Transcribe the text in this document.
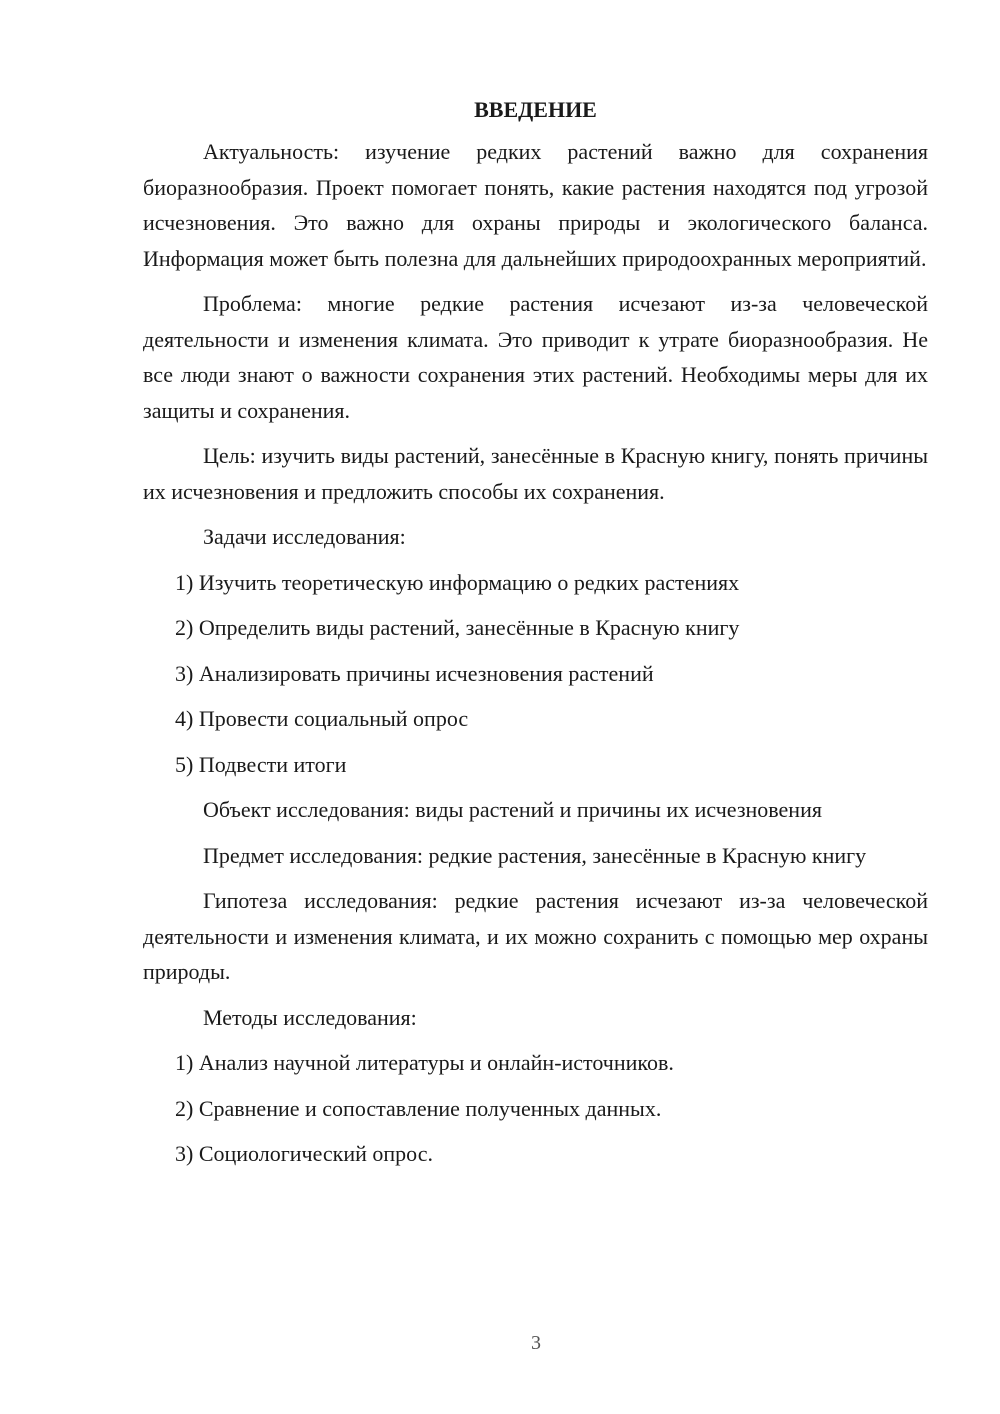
ВВЕДЕНИЕ

Актуальность: изучение редких растений важно для сохранения биоразнообразия. Проект помогает понять, какие растения находятся под угрозой исчезновения. Это важно для охраны природы и экологического баланса. Информация может быть полезна для дальнейших природоохранных мероприятий.

Проблема: многие редкие растения исчезают из-за человеческой деятельности и изменения климата. Это приводит к утрате биоразнообразия. Не все люди знают о важности сохранения этих растений. Необходимы меры для их защиты и сохранения.

Цель: изучить виды растений, занесённые в Красную книгу, понять причины их исчезновения и предложить способы их сохранения.

Задачи исследования:

1) Изучить теоретическую информацию о редких растениях

2) Определить виды растений, занесённые в Красную книгу

3) Анализировать причины исчезновения растений

4) Провести социальный опрос

5) Подвести итоги

Объект исследования: виды растений и причины их исчезновения

Предмет исследования: редкие растения, занесённые в Красную книгу

Гипотеза исследования: редкие растения исчезают из-за человеческой деятельности и изменения климата, и их можно сохранить с помощью мер охраны природы.

Методы исследования:

1) Анализ научной литературы и онлайн-источников.

2) Сравнение и сопоставление полученных данных.

3) Социологический опрос.

3
